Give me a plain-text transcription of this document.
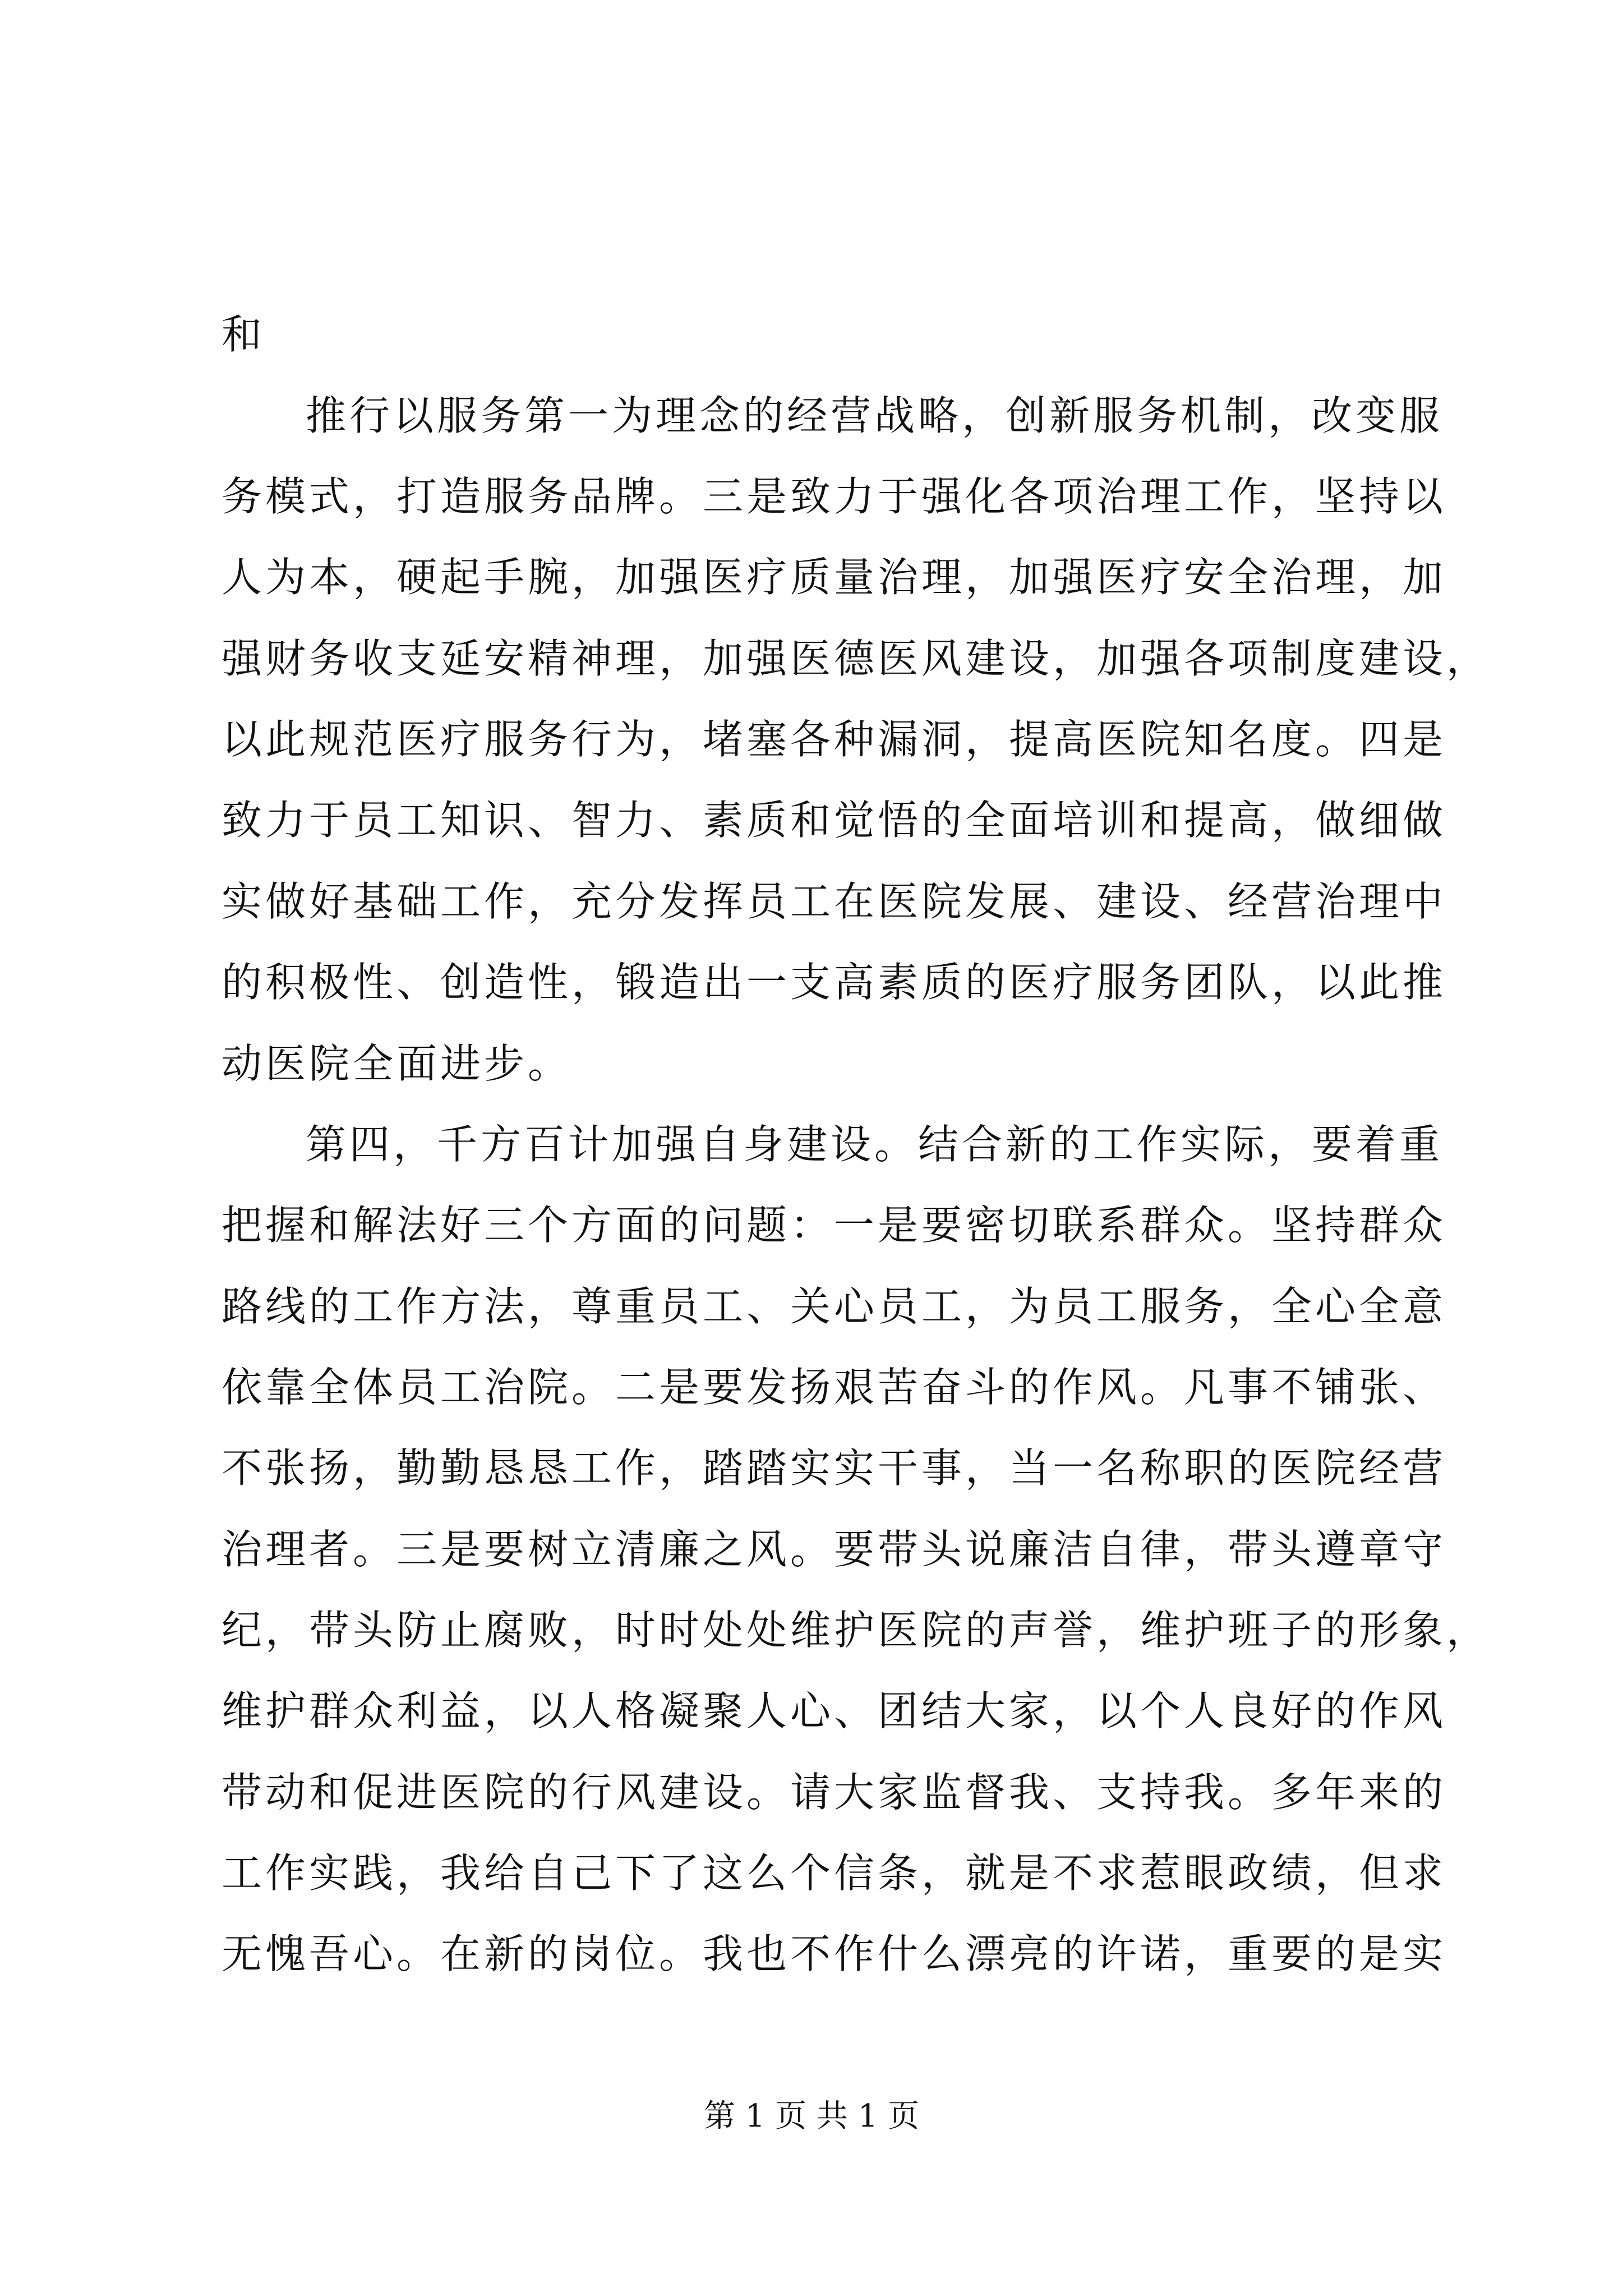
和
推行以服务第一为理念的经营战略，创新服务机制，改变服
务模式，打造服务品牌。三是致力于强化各项治理工作，坚持以
人为本，硬起手腕，加强医疗质量治理，加强医疗安全治理，加
强财务收支延安精神理，加强医德医风建设，加强各项制度建设，
以此规范医疗服务行为，堵塞各种漏洞，提高医院知名度。四是
致力于员工知识、智力、素质和觉悟的全面培训和提高，做细做
实做好基础工作，充分发挥员工在医院发展、建设、经营治理中
的积极性、创造性，锻造出一支高素质的医疗服务团队，以此推
动医院全面进步。
第四，千方百计加强自身建设。结合新的工作实际，要着重
把握和解法好三个方面的问题：一是要密切联系群众。坚持群众
路线的工作方法，尊重员工、关心员工，为员工服务，全心全意
依靠全体员工治院。二是要发扬艰苦奋斗的作风。凡事不铺张、
不张扬，勤勤恳恳工作，踏踏实实干事，当一名称职的医院经营
治理者。三是要树立清廉之风。要带头说廉洁自律，带头遵章守
纪，带头防止腐败，时时处处维护医院的声誉，维护班子的形象，
维护群众利益，以人格凝聚人心、团结大家，以个人良好的作风
带动和促进医院的行风建设。请大家监督我、支持我。多年来的
工作实践，我给自己下了这么个信条，就是不求惹眼政绩，但求
无愧吾心。在新的岗位。我也不作什么漂亮的许诺，重要的是实
第 1 页 共 1 页
